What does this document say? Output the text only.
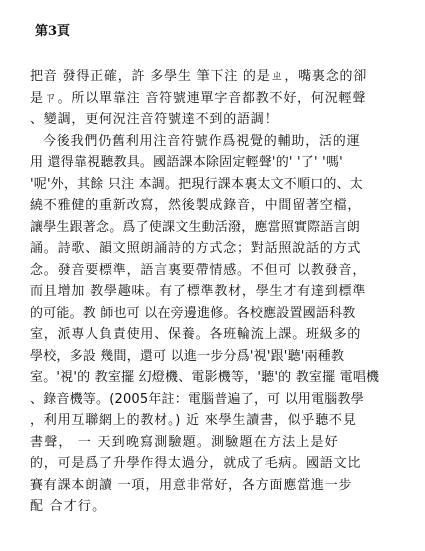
第3頁
把音 發得正確，許 多學生 筆下注 的是ㄓ，嘴裏念的卻
是ㄗ。所以單靠注 音符號連單字音都教不好，何況輕聲
、變調，更何況注音符號達不到的語調！
今後我們仍舊利用注音符號作爲視覺的輔助，活的運
用 還得靠視聽教具。國語課本除固定輕聲'的' '了' '嗎'
'呢'外，其餘 只注 本調。把現行課本裏太文不順口的、太
繞不雅健的重新改寫，然後製成錄音，中間留著空檔，
讓學生跟著念。爲了使課文生動活潑，應當照實際語言朗
誦。詩歌、韻文照朗誦詩的方式念；對話照說話的方式
念。發音要標準，語言裏要帶情感。不但可 以教發音，
而且增加 教學趣味。有了標準教材，學生才有達到標準
的可能。教 師也可 以在旁邊進修。各校應設置國語科教
室，派專人負責使用、保養。各班輪流上課。班級多的
學校，多設 幾間，還可 以進一步分爲'視'跟'聽'兩種教
室。'視'的 教室擺 幻燈機、電影機等，'聽'的 教室擺 電唱機
、錄音機等。(2005年註：電腦普遍了，可 以用電腦教學
，利用互聯網上的教材。) 近 來學生讀書，似乎聽不見
書聲， 一 天到晚寫測驗題。測驗題在方法上是好
的，可是爲了升學作得太過分，就成了毛病。國語文比
賽有課本朗讀 一項，用意非常好，各方面應當進一步
配 合才行。
